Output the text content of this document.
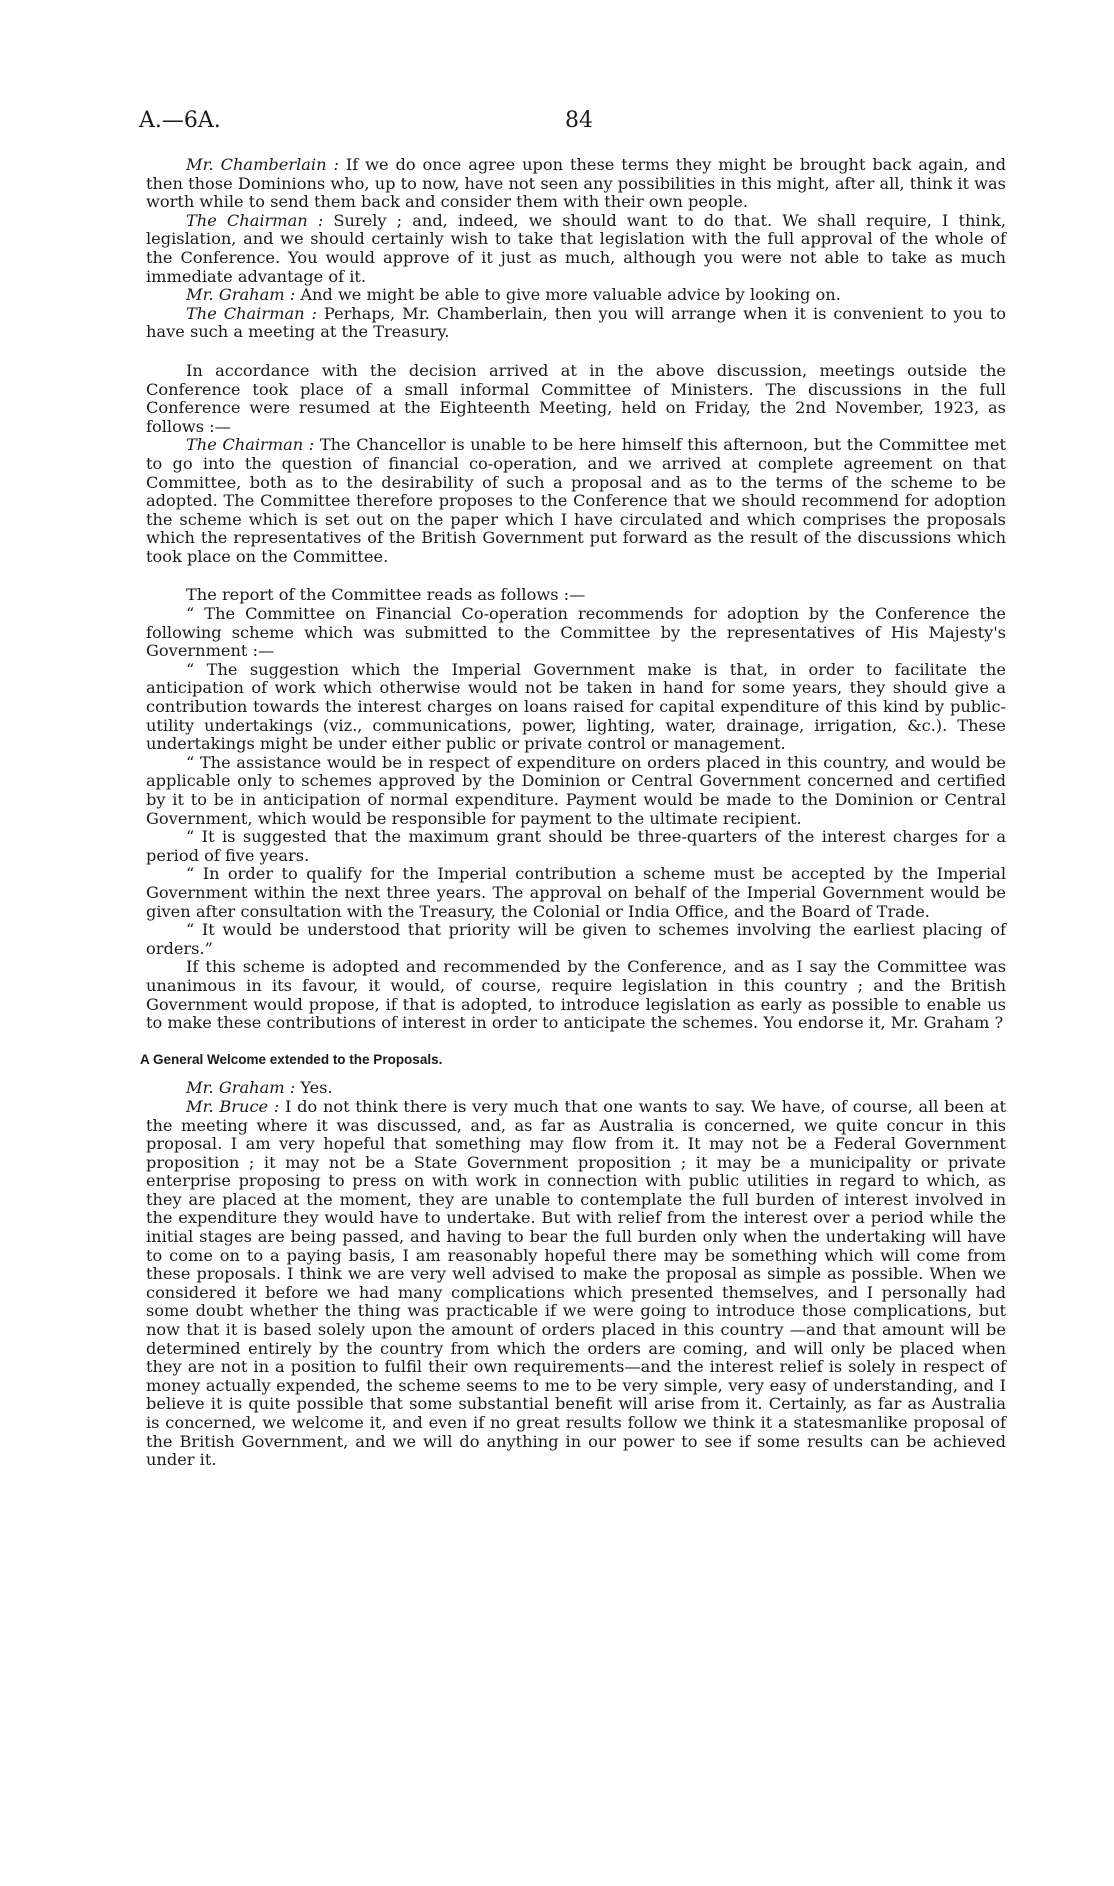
A.—6A.	84

Mr. Chamberlain : If we do once agree upon these terms they might be brought back again, and then those Dominions who, up to now, have not seen any possibilities in this might, after all, think it was worth while to send them back and consider them with their own people.

The Chairman : Surely ; and, indeed, we should want to do that. We shall require, I think, legislation, and we should certainly wish to take that legislation with the full approval of the whole of the Conference. You would approve of it just as much, although you were not able to take as much immediate advantage of it.

Mr. Graham : And we might be able to give more valuable advice by looking on.

The Chairman : Perhaps, Mr. Chamberlain, then you will arrange when it is convenient to you to have such a meeting at the Treasury.

In accordance with the decision arrived at in the above discussion, meetings outside the Conference took place of a small informal Committee of Ministers. The discussions in the full Conference were resumed at the Eighteenth Meeting, held on Friday, the 2nd November, 1923, as follows :—

The Chairman : The Chancellor is unable to be here himself this afternoon, but the Committee met to go into the question of financial co-operation, and we arrived at complete agreement on that Committee, both as to the desirability of such a proposal and as to the terms of the scheme to be adopted. The Committee therefore proposes to the Conference that we should recommend for adoption the scheme which is set out on the paper which I have circulated and which comprises the proposals which the representatives of the British Government put forward as the result of the discussions which took place on the Committee.

The report of the Committee reads as follows :—

“ The Committee on Financial Co-operation recommends for adoption by the Conference the following scheme which was submitted to the Committee by the representatives of His Majesty's Government :—

“ The suggestion which the Imperial Government make is that, in order to facilitate the anticipation of work which otherwise would not be taken in hand for some years, they should give a contribution towards the interest charges on loans raised for capital expenditure of this kind by public-utility undertakings (viz., communications, power, lighting, water, drainage, irrigation, &c.). These undertakings might be under either public or private control or management.

“ The assistance would be in respect of expenditure on orders placed in this country, and would be applicable only to schemes approved by the Dominion or Central Government concerned and certified by it to be in anticipation of normal expenditure. Payment would be made to the Dominion or Central Government, which would be responsible for payment to the ultimate recipient.

“ It is suggested that the maximum grant should be three-quarters of the interest charges for a period of five years.

“ In order to qualify for the Imperial contribution a scheme must be accepted by the Imperial Government within the next three years. The approval on behalf of the Imperial Government would be given after consultation with the Treasury, the Colonial or India Office, and the Board of Trade.

“ It would be understood that priority will be given to schemes involving the earliest placing of orders.”

If this scheme is adopted and recommended by the Conference, and as I say the Committee was unanimous in its favour, it would, of course, require legislation in this country ; and the British Government would propose, if that is adopted, to introduce legislation as early as possible to enable us to make these contributions of interest in order to anticipate the schemes. You endorse it, Mr. Graham ?

A General Welcome extended to the Proposals.

Mr. Graham : Yes.

Mr. Bruce : I do not think there is very much that one wants to say. We have, of course, all been at the meeting where it was discussed, and, as far as Australia is concerned, we quite concur in this proposal. I am very hopeful that something may flow from it. It may not be a Federal Government proposition ; it may not be a State Government proposition ; it may be a municipality or private enterprise proposing to press on with work in connection with public utilities in regard to which, as they are placed at the moment, they are unable to contemplate the full burden of interest involved in the expenditure they would have to undertake. But with relief from the interest over a period while the initial stages are being passed, and having to bear the full burden only when the undertaking will have to come on to a paying basis, I am reasonably hopeful there may be something which will come from these proposals. I think we are very well advised to make the proposal as simple as possible. When we considered it before we had many complications which presented themselves, and I personally had some doubt whether the thing was practicable if we were going to introduce those complications, but now that it is based solely upon the amount of orders placed in this country —and that amount will be determined entirely by the country from which the orders are coming, and will only be placed when they are not in a position to fulfil their own requirements—and the interest relief is solely in respect of money actually expended, the scheme seems to me to be very simple, very easy of understanding, and I believe it is quite possible that some substantial benefit will arise from it. Certainly, as far as Australia is concerned, we welcome it, and even if no great results follow we think it a statesmanlike proposal of the British Government, and we will do anything in our power to see if some results can be achieved under it.
